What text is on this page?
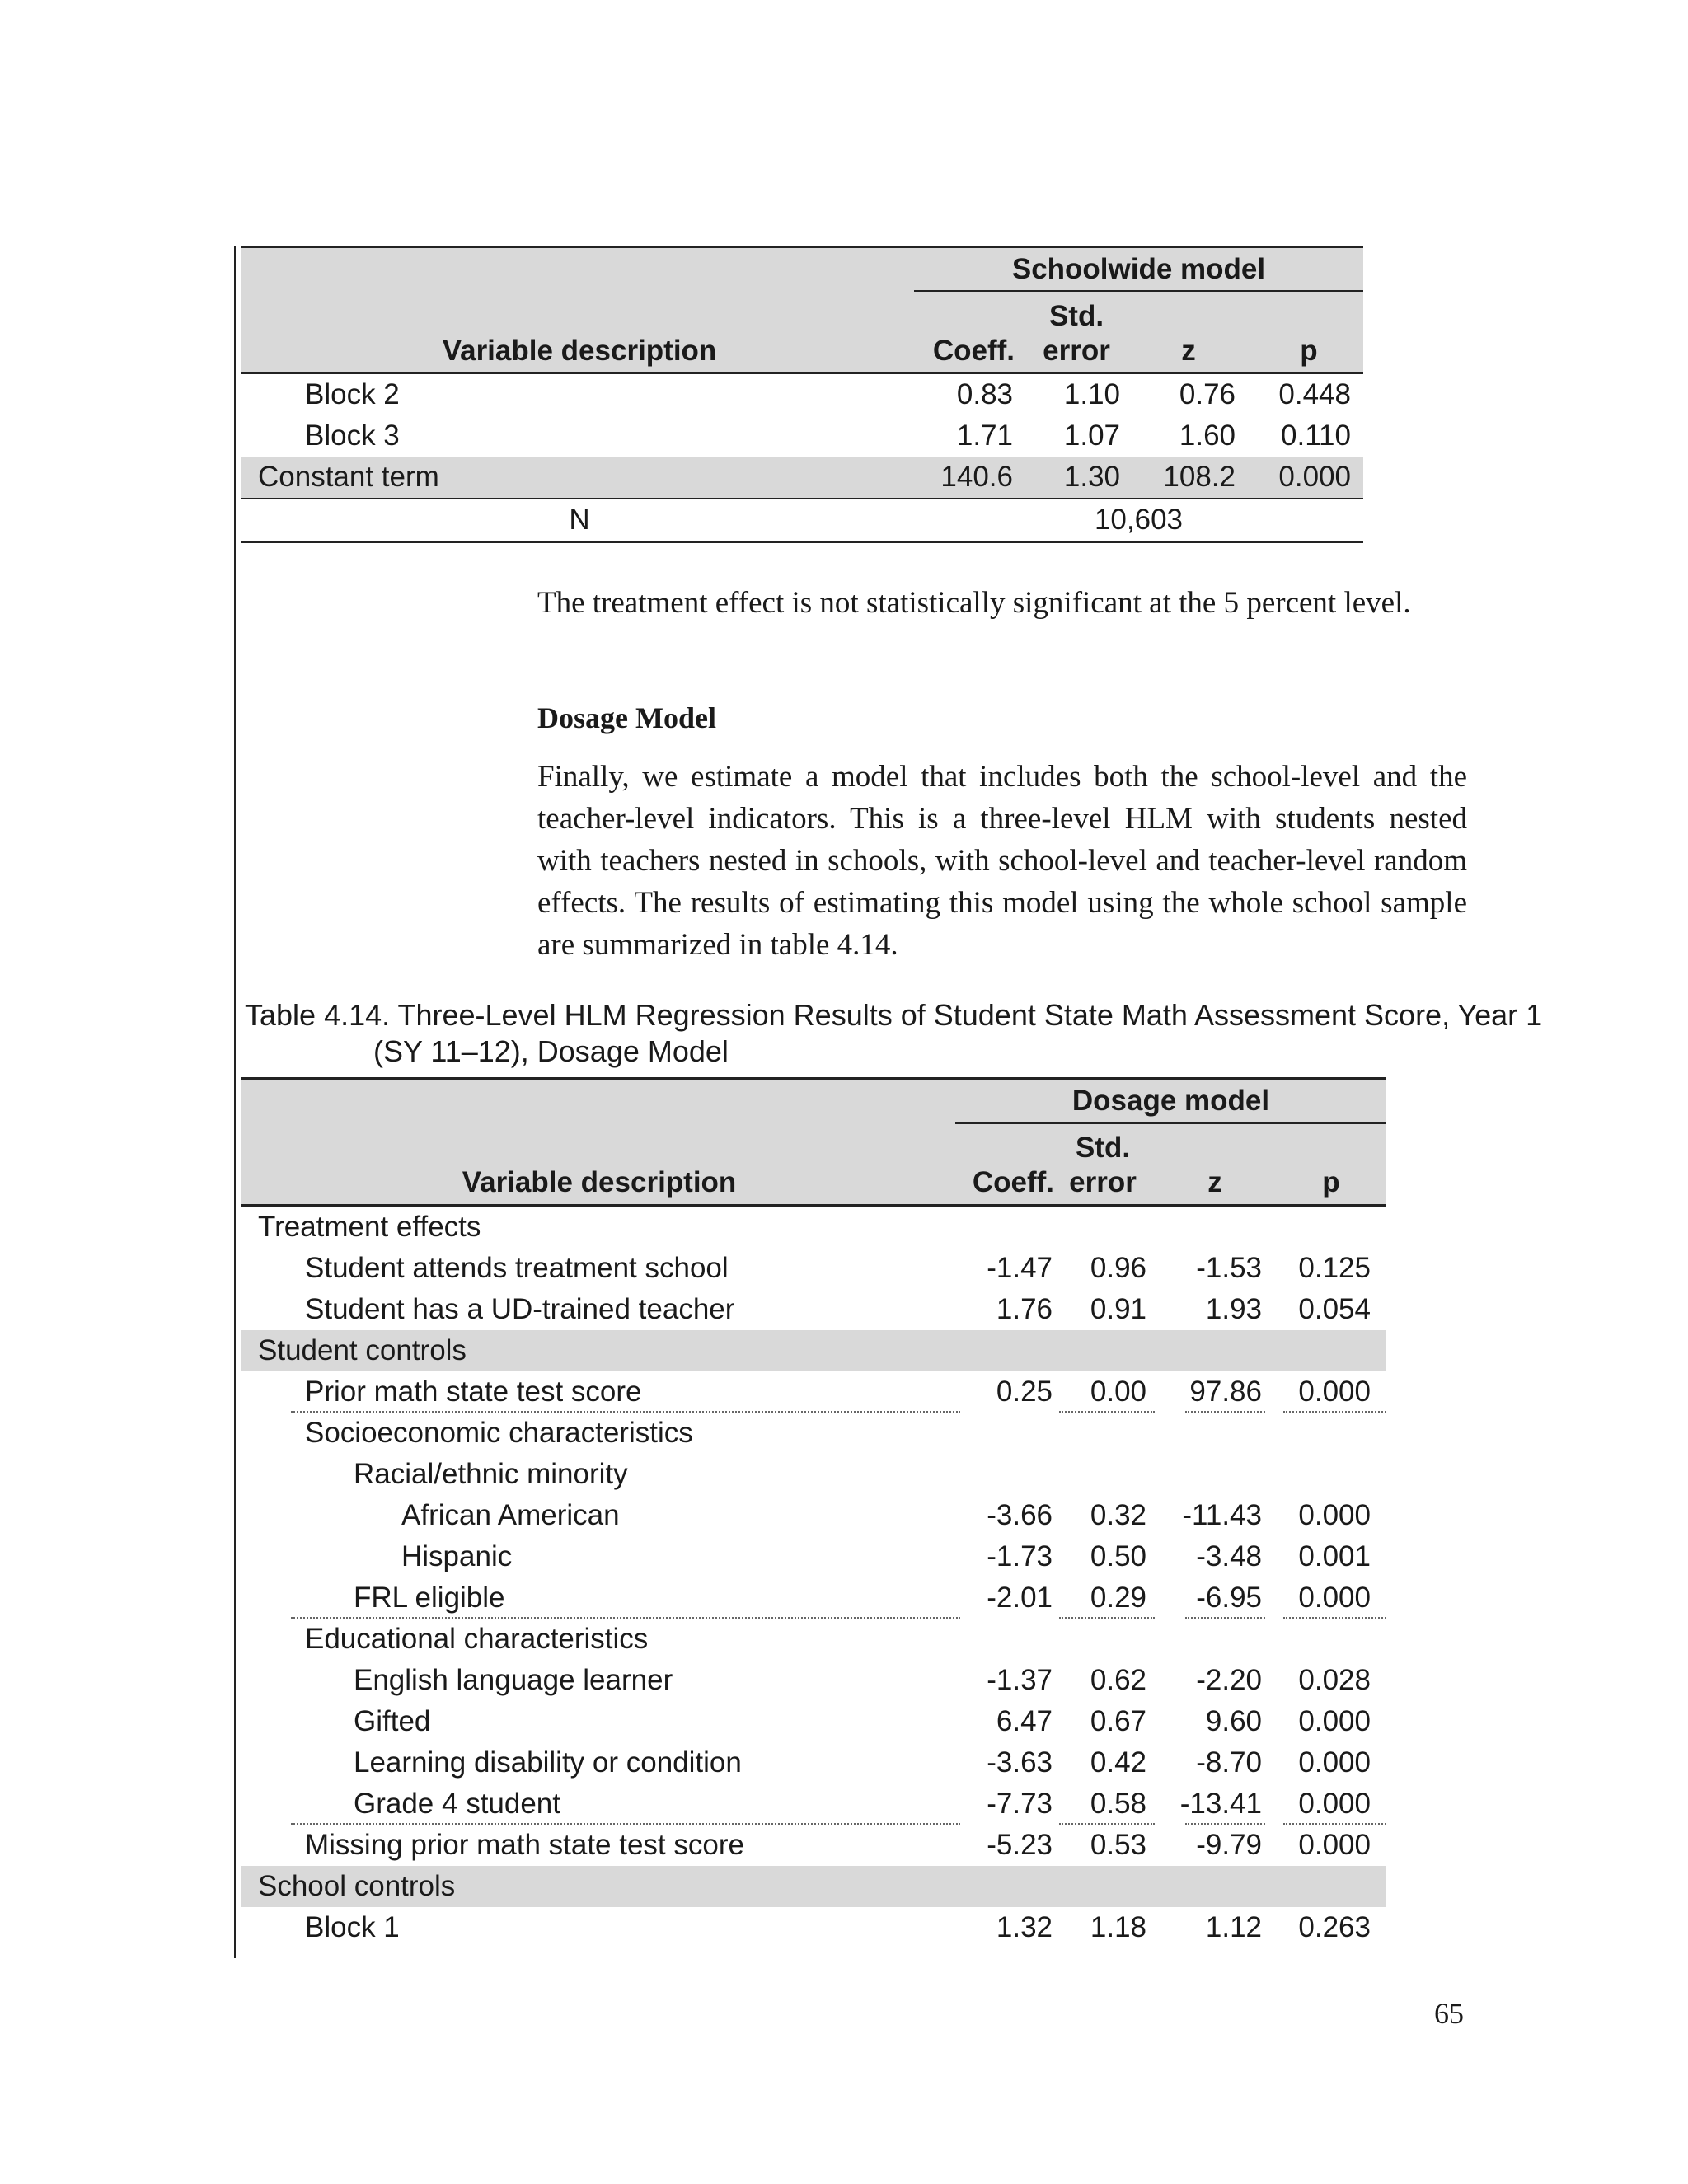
Schoolwide model
Variable description	Coeff.
Std.
error	z	p
Block 2	0.83	1.10	0.76	0.448
Block 3	1.71	1.07	1.60	0.110
Constant term	140.6	1.30	108.2	0.000
N	10,603
The treatment effect is not statistically significant at the 5 percent level.
Dosage Model
Finally, we estimate a model that includes both the school-level and the teacher-level indicators. This is a three-level HLM with students nested with teachers nested in schools, with school-level and teacher-level random effects. The results of estimating this model using the whole school sample are summarized in table 4.14.
Table 4.14. Three-Level HLM Regression Results of Student State Math Assessment Score, Year 1
(SY 11–12), Dosage Model
Dosage model
Variable description	Coeff.
Std.
error	z	p
Treatment effects
Student attends treatment school	-1.47	0.96	-1.53	0.125
Student has a UD-trained teacher	1.76	0.91	1.93	0.054
Student controls
Prior math state test score	0.25	0.00	97.86	0.000
Socioeconomic characteristics
Racial/ethnic minority
African American	-3.66	0.32	-11.43	0.000
Hispanic	-1.73	0.50	-3.48	0.001
FRL eligible	-2.01	0.29	-6.95	0.000
Educational characteristics
English language learner	-1.37	0.62	-2.20	0.028
Gifted	6.47	0.67	9.60	0.000
Learning disability or condition	-3.63	0.42	-8.70	0.000
Grade 4 student	-7.73	0.58	-13.41	0.000
Missing prior math state test score	-5.23	0.53	-9.79	0.000
School controls
Block 1	1.32	1.18	1.12	0.263
65
